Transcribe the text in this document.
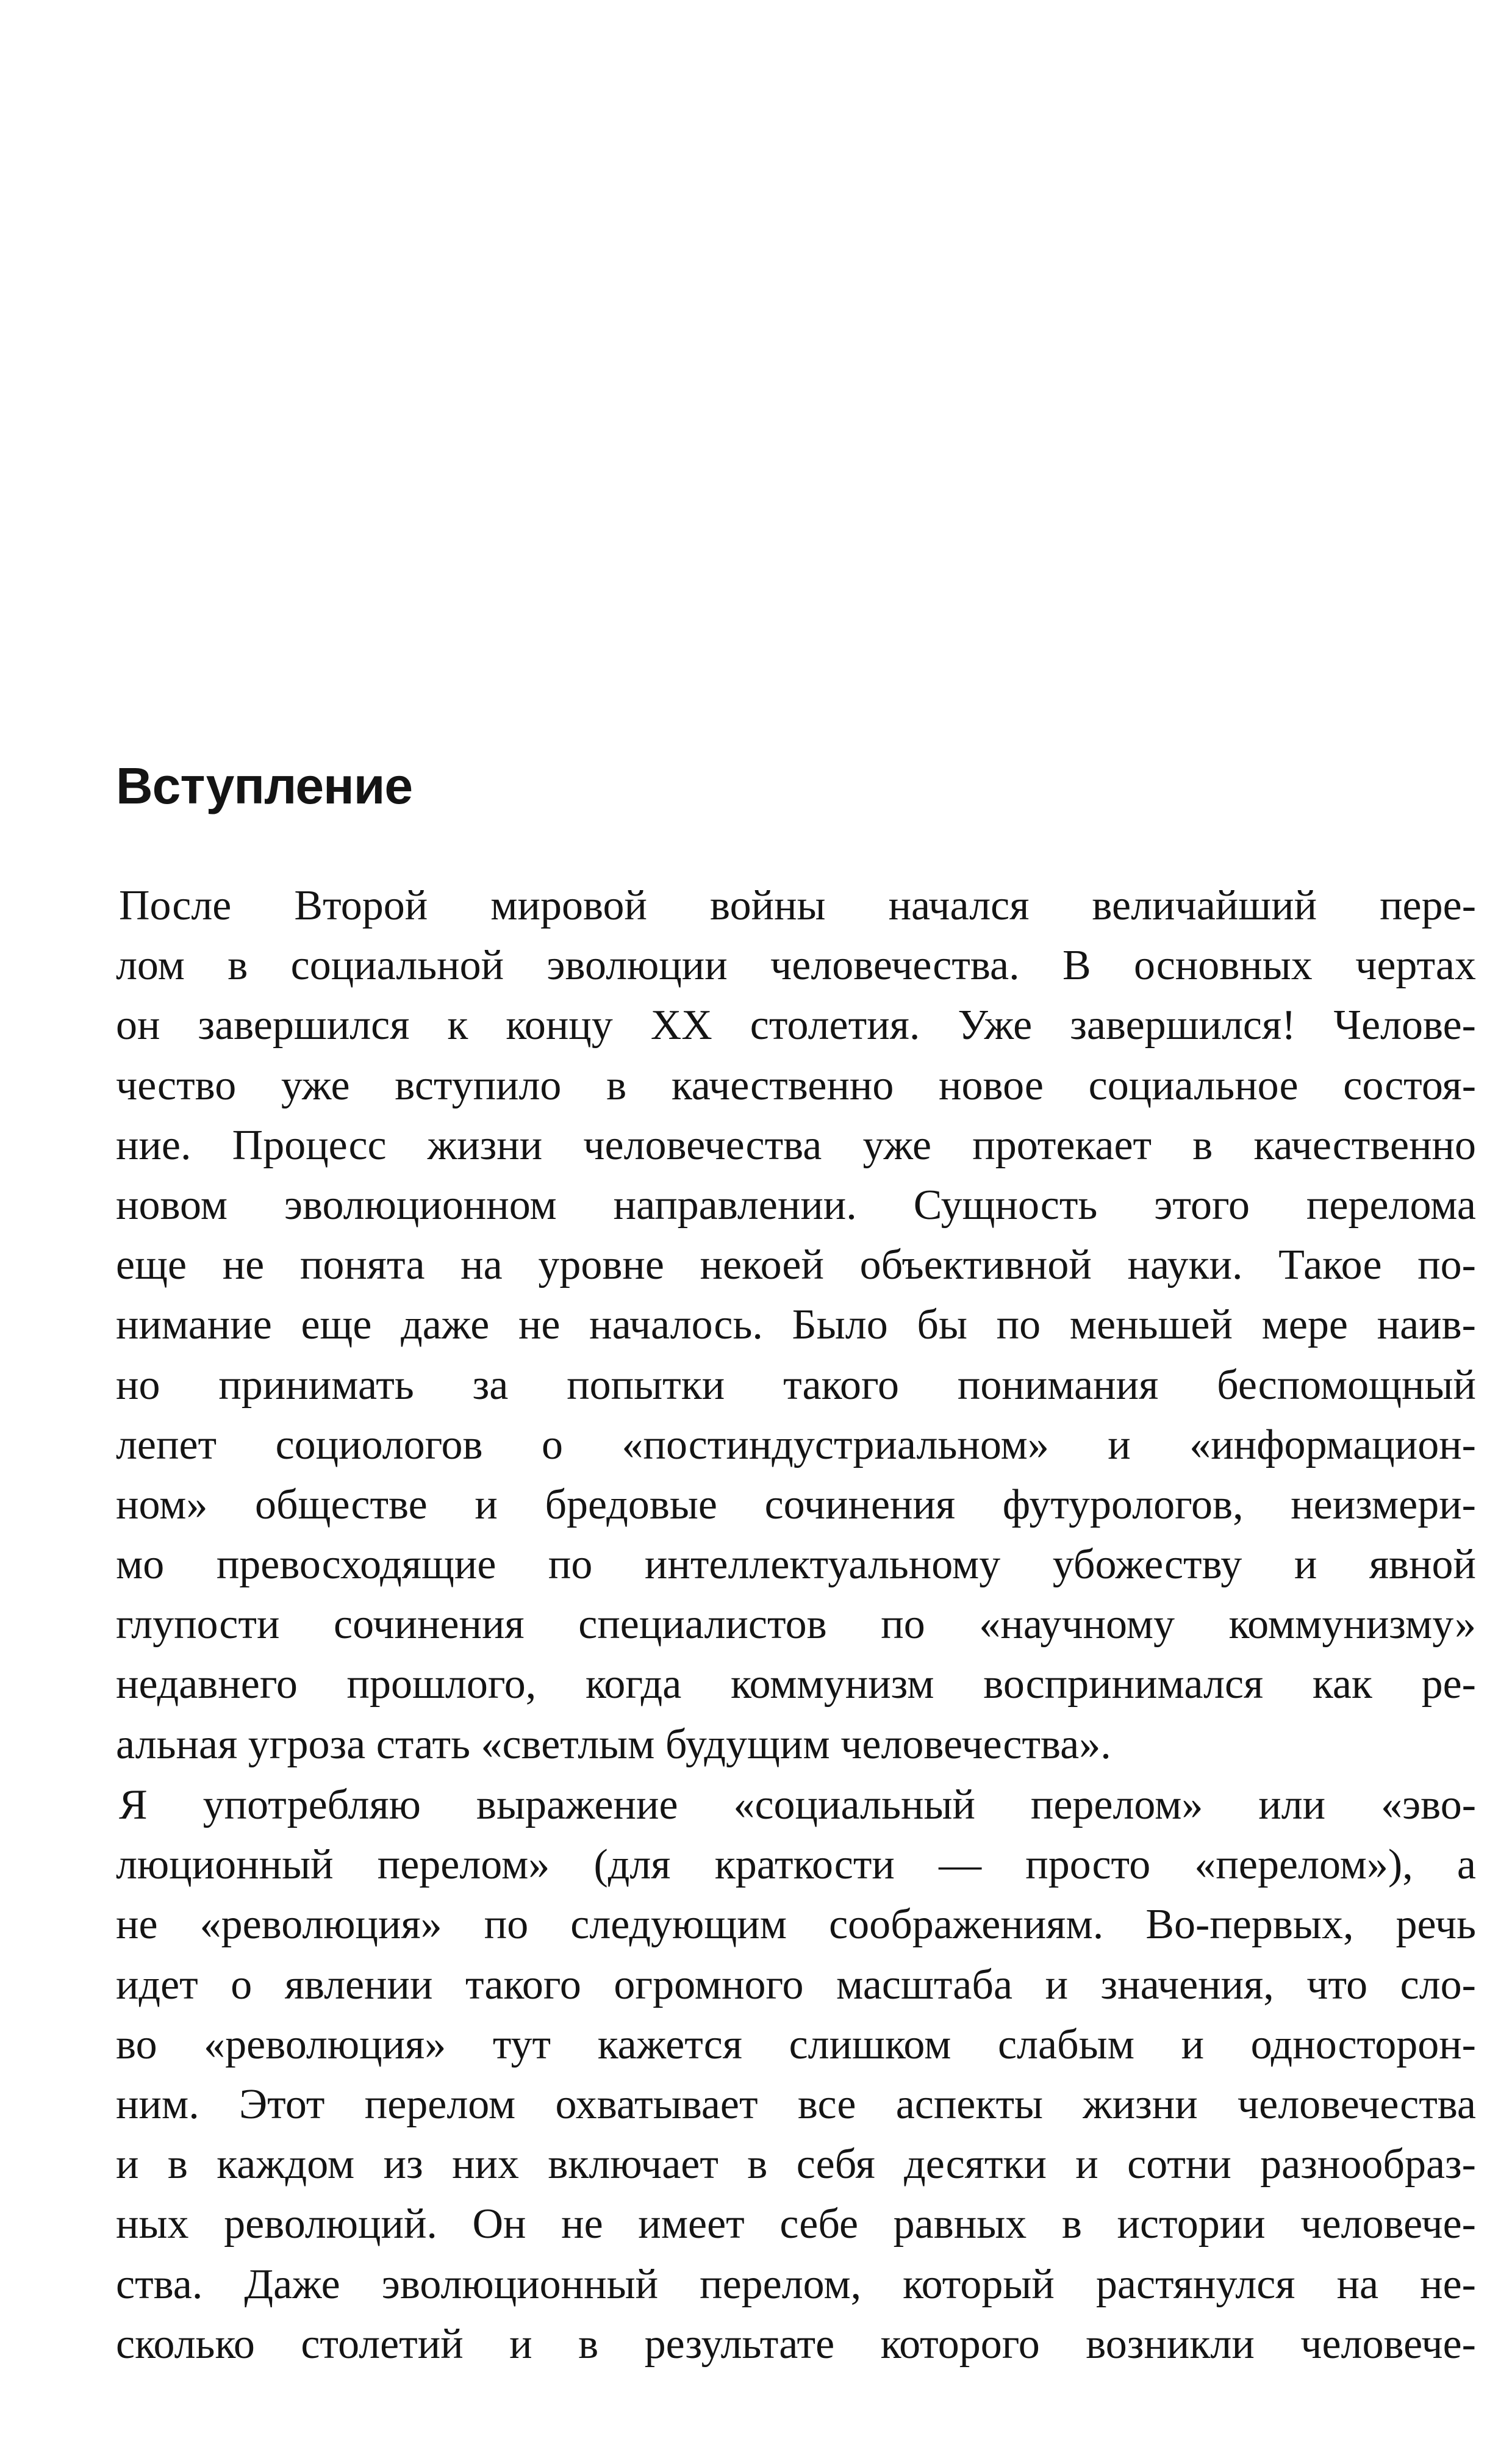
Вступление
После Второй мировой войны начался величайший пере-
лом в социальной эволюции человечества. В основных чертах
он завершился к концу XX столетия. Уже завершился! Челове-
чество уже вступило в качественно новое социальное состоя-
ние. Процесс жизни человечества уже протекает в качественно
новом эволюционном направлении. Сущность этого перелома
еще не понята на уровне некоей объективной науки. Такое по-
нимание еще даже не началось. Было бы по меньшей мере наив-
но принимать за попытки такого понимания беспомощный
лепет социологов о «постиндустриальном» и «информацион-
ном» обществе и бредовые сочинения футурологов, неизмери-
мо превосходящие по интеллектуальному убожеству и явной
глупости сочинения специалистов по «научному коммунизму»
недавнего прошлого, когда коммунизм воспринимался как ре-
альная угроза стать «светлым будущим человечества».
Я употребляю выражение «социальный перелом» или «эво-
люционный перелом» (для краткости — просто «перелом»), а
не «революция» по следующим соображениям. Во-первых, речь
идет о явлении такого огромного масштаба и значения, что сло-
во «революция» тут кажется слишком слабым и односторон-
ним. Этот перелом охватывает все аспекты жизни человечества
и в каждом из них включает в себя десятки и сотни разнообраз-
ных революций. Он не имеет себе равных в истории человече-
ства. Даже эволюционный перелом, который растянулся на не-
сколько столетий и в результате которого возникли человече-
